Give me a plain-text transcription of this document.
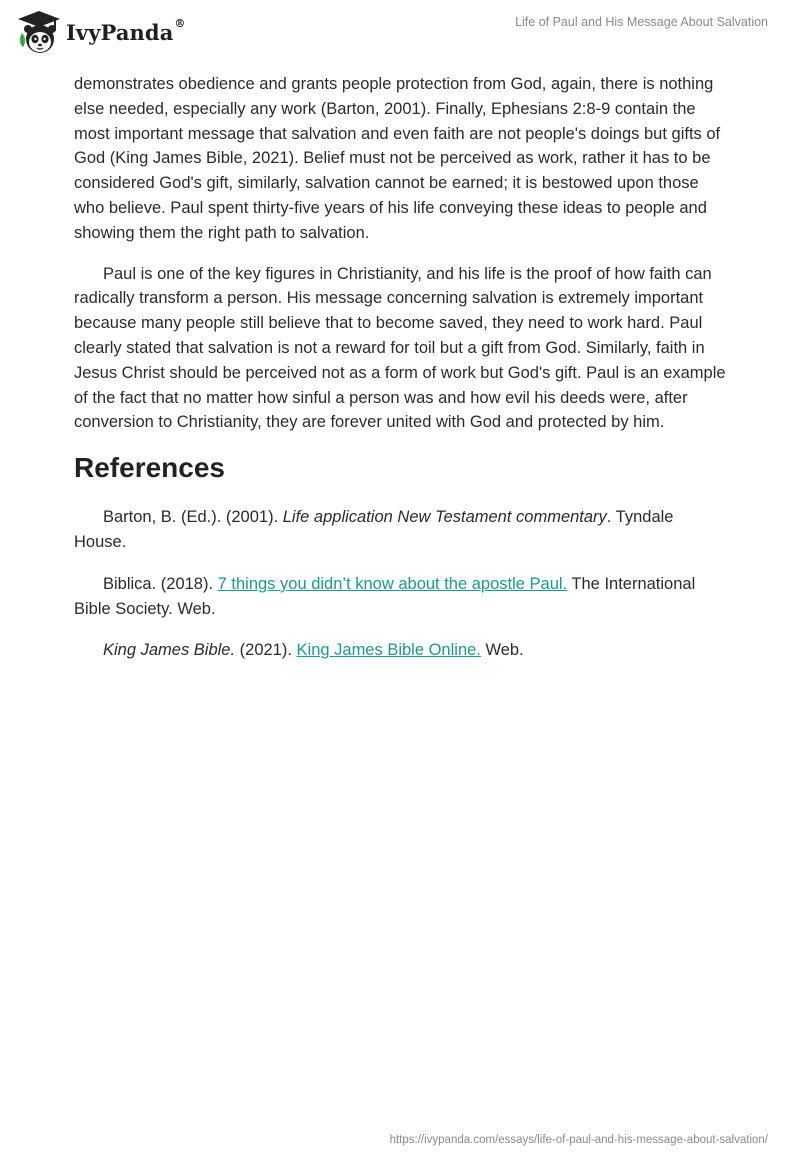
IvyPanda®	Life of Paul and His Message About Salvation

demonstrates obedience and grants people protection from God, again, there is nothing else needed, especially any work (Barton, 2001). Finally, Ephesians 2:8-9 contain the most important message that salvation and even faith are not people's doings but gifts of God (King James Bible, 2021). Belief must not be perceived as work, rather it has to be considered God's gift, similarly, salvation cannot be earned; it is bestowed upon those who believe. Paul spent thirty-five years of his life conveying these ideas to people and showing them the right path to salvation.

Paul is one of the key figures in Christianity, and his life is the proof of how faith can radically transform a person. His message concerning salvation is extremely important because many people still believe that to become saved, they need to work hard. Paul clearly stated that salvation is not a reward for toil but a gift from God. Similarly, faith in Jesus Christ should be perceived not as a form of work but God's gift. Paul is an example of the fact that no matter how sinful a person was and how evil his deeds were, after conversion to Christianity, they are forever united with God and protected by him.

References

Barton, B. (Ed.). (2001). Life application New Testament commentary. Tyndale House.

Biblica. (2018). 7 things you didn’t know about the apostle Paul. The International Bible Society. Web.

King James Bible. (2021). King James Bible Online. Web.

https://ivypanda.com/essays/life-of-paul-and-his-message-about-salvation/
